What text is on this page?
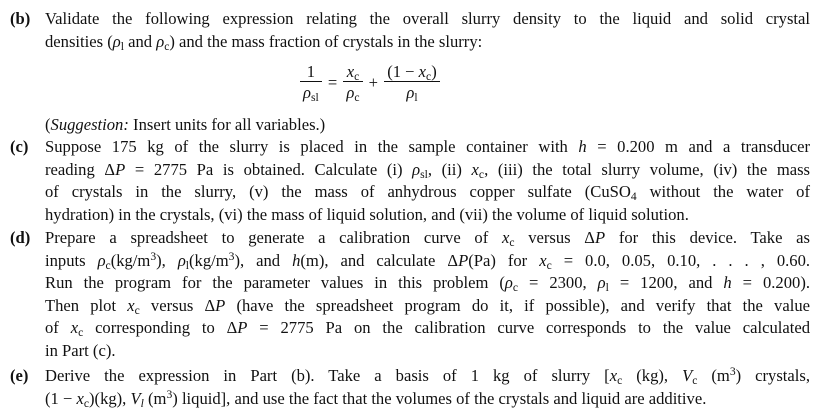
(b) Validate the following expression relating the overall slurry density to the liquid and solid crystal
densities ($\rho_l$ and $\rho_c$) and the mass fraction of crystals in the slurry:
$\frac{1}{\rho_{sl}} = \frac{x_c}{\rho_c} + \frac{(1 - x_c)}{\rho_l}$
(Suggestion: Insert units for all variables.)
(c) Suppose 175 kg of the slurry is placed in the sample container with h = 0.200 m and a transducer
reading ΔP = 2775 Pa is obtained. Calculate (i) $\rho_{sl}$, (ii) $x_c$, (iii) the total slurry volume, (iv) the mass
of crystals in the slurry, (v) the mass of anhydrous copper sulfate (CuSO$_4$ without the water of
hydration) in the crystals, (vi) the mass of liquid solution, and (vii) the volume of liquid solution.
(d) Prepare a spreadsheet to generate a calibration curve of $x_c$ versus ΔP for this device. Take as
inputs $\rho_c(kg/m^3)$, $\rho_l(kg/m^3)$, and h(m), and calculate ΔP(Pa) for $x_c = 0.0$, 0.05, 0.10, . . . , 0.60.
Run the program for the parameter values in this problem ($\rho_c = 2300$, $\rho_l = 1200$, and h = 0.200).
Then plot $x_c$ versus ΔP (have the spreadsheet program do it, if possible), and verify that the value
of $x_c$ corresponding to ΔP = 2775 Pa on the calibration curve corresponds to the value calculated
in Part (c).
(e) Derive the expression in Part (b). Take a basis of 1 kg of slurry [$x_c$ (kg), $V_c$ $(m^3)$ crystals,
$(1 - x_c)(kg)$, $V_l$ $(m^3)$ liquid], and use the fact that the volumes of the crystals and liquid are additive.
